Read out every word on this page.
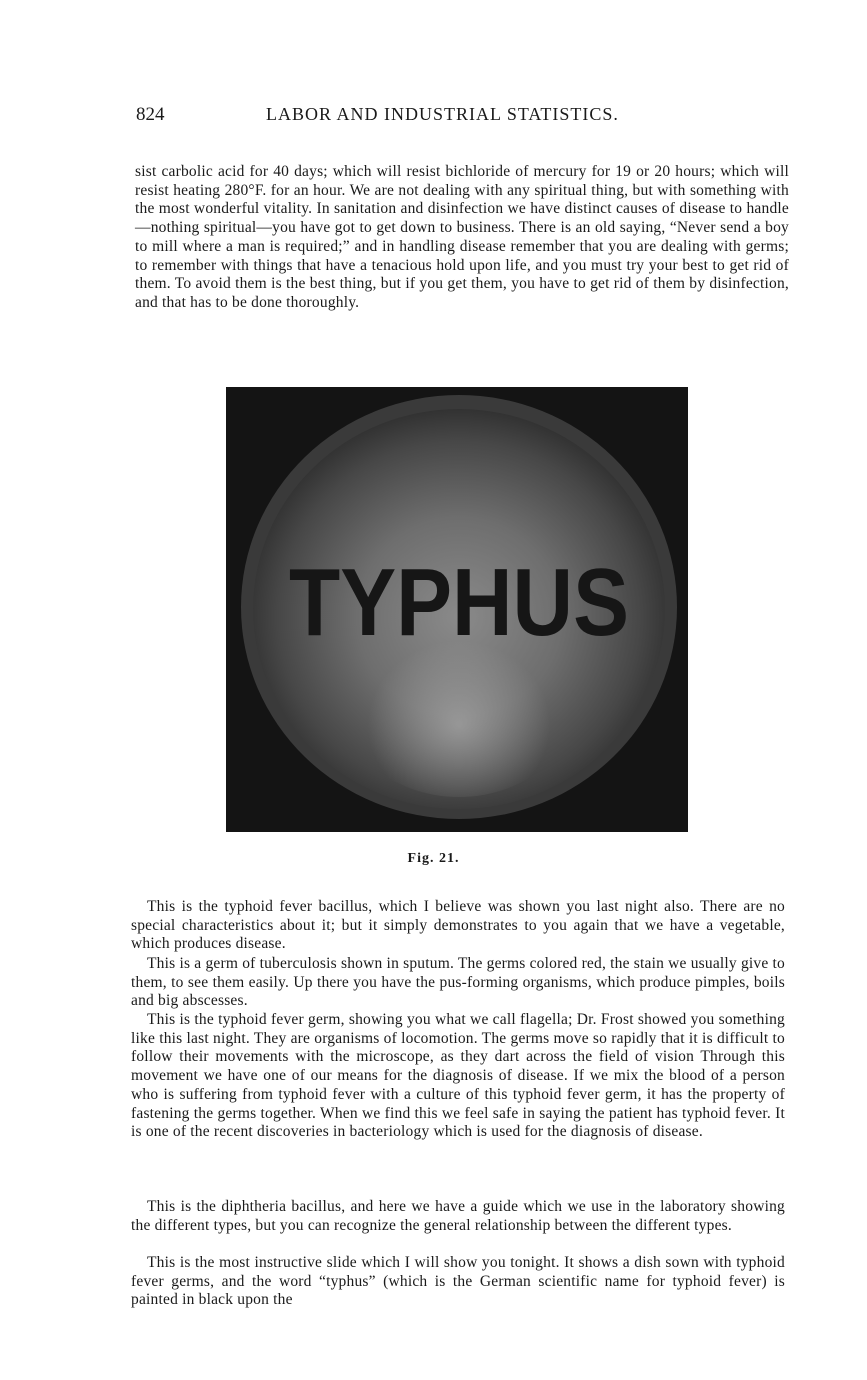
824	LABOR AND INDUSTRIAL STATISTICS.

sist carbolic acid for 40 days; which will resist bichloride of mercury for 19 or 20 hours; which will resist heating 280°F. for an hour. We are not dealing with any spiritual thing, but with something with the most wonderful vitality. In sanitation and disinfection we have distinct causes of disease to handle —nothing spiritual—you have got to get down to business. There is an old saying, “Never send a boy to mill where a man is required;” and in handling disease remember that you are dealing with germs; to remember with things that have a tenacious hold upon life, and you must try your best to get rid of them. To avoid them is the best thing, but if you get them, you have to get rid of them by disinfection, and that has to be done thoroughly.

TYPHUS
Fig. 21.

This is the typhoid fever bacillus, which I believe was shown you last night also. There are no special characteristics about it; but it simply demonstrates to you again that we have a vegetable, which produces disease.

This is a germ of tuberculosis shown in sputum. The germs colored red, the stain we usually give to them, to see them easily. Up there you have the pus-forming organisms, which produce pimples, boils and big abscesses.

This is the typhoid fever germ, showing you what we call flagella; Dr. Frost showed you something like this last night. They are organisms of locomotion. The germs move so rapidly that it is difficult to follow their movements with the microscope, as they dart across the field of vision Through this movement we have one of our means for the diagnosis of disease. If we mix the blood of a person who is suffering from typhoid fever with a culture of this typhoid fever germ, it has the property of fastening the germs together. When we find this we feel safe in saying the patient has typhoid fever. It is one of the recent discoveries in bacteriology which is used for the diagnosis of disease.

This is the diphtheria bacillus, and here we have a guide which we use in the laboratory showing the different types, but you can recognize the general relationship between the different types.

This is the most instructive slide which I will show you tonight. It shows a dish sown with typhoid fever germs, and the word “typhus” (which is the German scientific name for typhoid fever) is painted in black upon the
